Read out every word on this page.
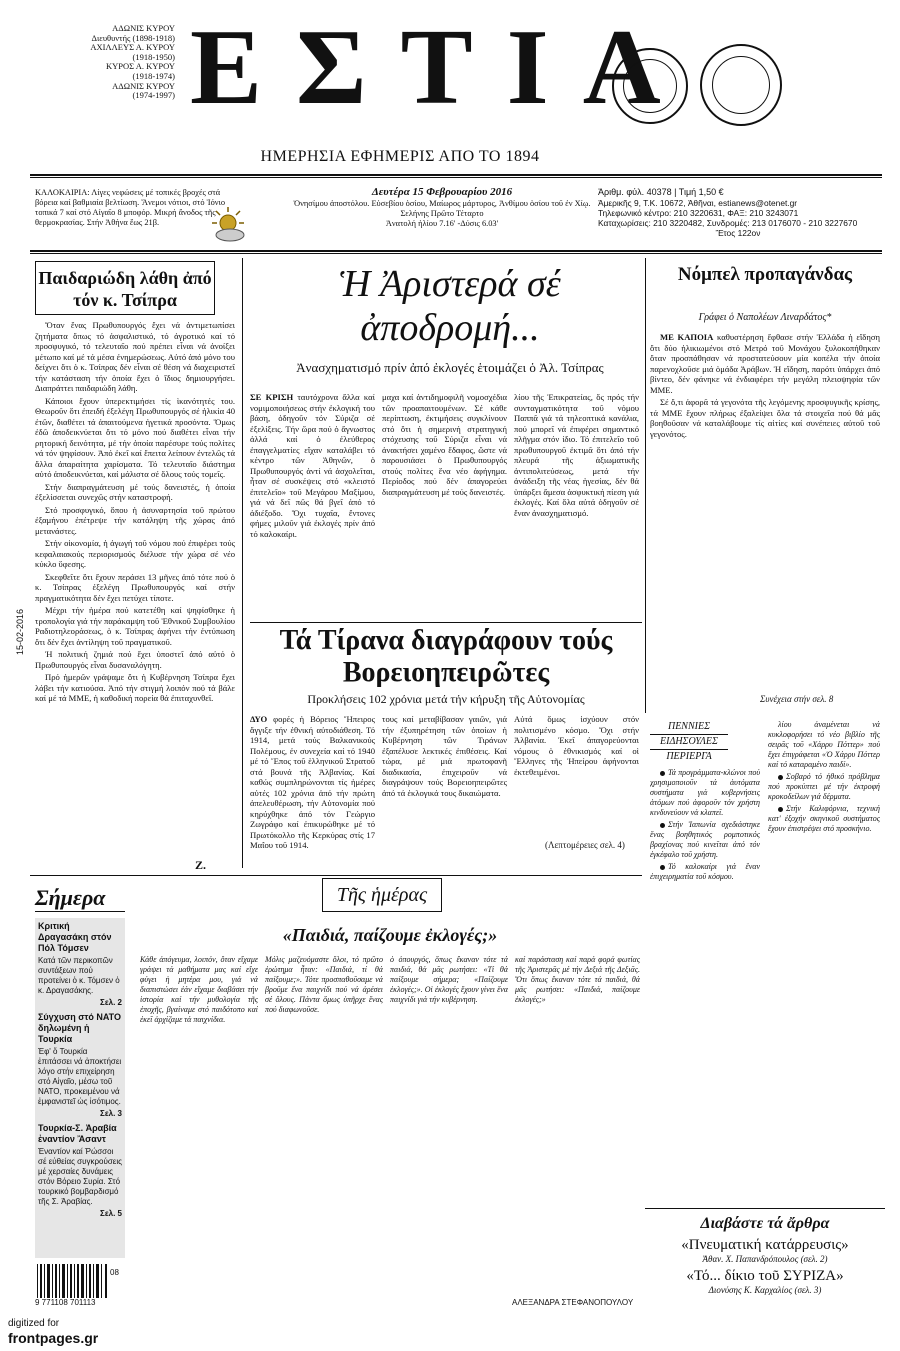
ΑΔΩΝΙΣ ΚΥΡΟΥ
Διευθυντής (1898-1918)
ΑΧΙΛΛΕΥΣ Α. ΚΥΡΟΥ
(1918-1950)
ΚΥΡΟΣ Α. ΚΥΡΟΥ
(1918-1974)
ΑΔΩΝΙΣ ΚΥΡΟΥ
(1974-1997) ΕΣΤΙΑ
ΗΜΕΡΗΣΙΑ ΕΦΗΜΕΡΙΣ ΑΠΟ ΤΟ 1894
ΚΑΛΟΚΑΙΡΙΑ: Λίγες νεφώσεις μέ τοπικές βροχές στά βόρεια καί βαθμιαία βελτίωση. Ἄνεμοι νότιοι, στό Ἰόνιο τοπικά 7 καί στό Αἰγαῖο 8 μποφόρ. Μικρή ἄνοδος τῆς θερμοκρασίας. Στήν Ἀθήνα ἕως 21β.
Δευτέρα 15 Φεβρουαρίου 2016
Ὀνησίμου ἀποστόλου. Εὐσεβίου ὁσίου, Μαίωρος μάρτυρος, Ἀνθίμου ὁσίου τοῦ ἐν Χίῳ.
Σελήνης Πρῶτο Τέταρτο
Ἀνατολή ἡλίου 7.16' -Δύσις 6.03'
Ἀριθμ. φύλ. 40378 | Τιμή 1,50 €
Ἀμερικῆς 9, Τ.Κ. 10672, Ἀθῆναι, estianews@otenet.gr
Τηλεφωνικό κέντρο: 210 3220631, ΦΑΞ: 210 3243071
Καταχωρίσεις: 210 3220482, Συνδρομές: 213 0176070 - 210 3227670
Ἔτος 122ον
Παιδαριώδη λάθη ἀπό τόν κ. Τσίπρα

Ὅταν ἕνας Πρωθυπουργός ἔχει νά ἀντιμετωπίσει ζητήματα ὅπως τό ἀσφαλιστικό, τό ἀγροτικό καί τό προσφυγικό, τό τελευταῖο πού πρέπει εἶναι νά ἀνοίξει μέτωπο καί μέ τά μέσα ἐνημερώσεως. Αὐτό ἀπό μόνο του δείχνει ὅτι ὁ κ. Τσίπρας δέν εἶναι σέ θέση νά διαχειριστεῖ τήν κατάσταση τήν ὁποία ἔχει ὁ ἴδιος δημιουργήσει. Διαπράττει παιδαριώδη λάθη.

Κάποιοι ἔχουν ὑπερεκτιμήσει τίς ἱκανότητές του. Θεωροῦν ὅτι ἐπειδή ἐξελέγη Πρωθυπουργός σέ ἡλικία 40 ἐτῶν, διαθέτει τά ἀπαιτούμενα ἡγετικά προσόντα. Ὅμως ἐδῶ ἀποδεικνύεται ὅτι τό μόνο πού διαθέτει εἶναι τήν ρητορική δεινότητα, μέ τήν ὁποία παρέσυρε τούς πολίτες νά τόν ψηφίσουν. Ἀπό ἐκεῖ καί ἔπειτα λείπουν ἐντελῶς τά ἄλλα ἀπαραίτητα χαρίσματα. Τό τελευταῖο διάστημα αὐτό ἀποδεικνύεται, καί μάλιστα σέ ὅλους τούς τομεῖς.

Στήν διαπραγμάτευση μέ τούς δανειστές, ἡ ὁποία ἐξελίσσεται συνεχῶς στήν καταστροφή.

Στό προσφυγικό, ὅπου ἡ ἀσυναρτησία τοῦ πρώτου ἐξαμήνου ἐπέτρεψε τήν κατάληψη τῆς χώρας ἀπό μετανάστες.

Στήν οἰκονομία, ἡ ἀγωγή τοῦ νόμου πού ἐπιφέρει τούς κεφαλαιακούς περιορισμούς διέλυσε τήν χώρα σέ νέο κύκλο ὕφεσης.

Σκεφθεῖτε ὅτι ἔχουν περάσει 13 μῆνες ἀπό τότε πού ὁ κ. Τσίπρας ἐξελέγη Πρωθυπουργός καί στήν πραγματικότητα δέν ἔχει πετύχει τίποτε.

Μέχρι τήν ἡμέρα πού κατετέθη καί ψηφίσθηκε ἡ τροπολογία γιά τήν παράκαμψη τοῦ Ἐθνικοῦ Συμβουλίου Ραδιοτηλεοράσεως, ὁ κ. Τσίπρας ἀφήνει τήν ἐντύπωση ὅτι δέν ἔχει ἀντίληψη τοῦ πραγματικοῦ.

Ἡ πολιτική ζημιά πού ἔχει ὑποστεῖ ἀπό αὐτό ὁ Πρωθυπουργός εἶναι δυσαναλόγητη.

Πρό ἡμερῶν γράψαμε ὅτι ἡ Κυβέρνηση Τσίπρα ἔχει λάβει τήν κατιούσα. Ἀπό τήν στιγμή λοιπόν πού τά βάλε καί μέ τά ΜΜΕ, ἡ καθοδική πορεία θά ἐπιταχυνθεῖ.

Z.
Ἡ Ἀριστερά σέ ἀποδρομή...
Ἀνασχηματισμό πρίν ἀπό ἐκλογές ἑτοιμάζει ὁ Ἀλ. Τσίπρας
ΣΕ ΚΡΙΣΗ ταυτόχρονα ἄλλα καί νομιμοποιήσεως στήν ἐκλογική του βάση, ὁδηγοῦν τόν Σύριζα σέ ἐξελίξεις. Τήν ὥρα πού ὁ ἄγνωστος ἀλλά καί ὁ ἐλεύθερος ἐπαγγελματίες εἴχαν καταλάβει τό κέντρο τῶν Ἀθηνῶν, ὁ Πρωθυπουργός ἀντί νά ἀσχολεῖται, ἦταν σέ συσκέψεις στό «κλειστό ἐπιτελεῖο» τοῦ Μεγάρου Μαξίμου, γιά νά δεῖ πῶς θά βγεῖ ἀπό τό ἀδιέξοδο. Ὅχι τυχαῖα, ἔντονες φήμες μιλοῦν γιά ἐκλογές πρίν ἀπό τό καλοκαίρι.
μαχα καί ἀντιδημοφιλῆ νομοσχέδια τῶν προαπαιτουμένων. Σέ κάθε περίπτωση, ἐκτιμήσεις συγκλίνουν στό ὅτι ἡ σημερινή στρατηγική στόχευσης τοῦ Σύριζα εἶναι νά ἀνακτήσει χαμένο ἔδαφος, ὥστε νά παρουσιάσει ὁ Πρωθυπουργός στούς πολίτες ἕνα νέο ἀφήγημα. Περίοδος πού δέν ἀπαγορεύει διαπραγμάτευση μέ τούς δανειστές.
λίου τῆς Ἐπικρατείας, ὅς πρός τήν συνταγματικότητα τοῦ νόμου Παππᾶ γιά τά τηλεοπτικά κανάλια, πού μπορεῖ νά ἐπιφέρει σημαντικό πλῆγμα στόν ίδιο. Τό ἐπιτελεῖο τοῦ πρωθυπουργοῦ ἐκτιμᾶ ὅτι ἀπό τήν πλευρά τῆς ἀξιωματικῆς ἀντιπολιτεύσεως, μετά τήν ἀνάδειξη τῆς νέας ἡγεσίας, δέν θά ὑπάρξει ἄμεσα ἀσφυκτική πίεση γιά ἐκλογές. Καί ὅλα αὐτά ὁδηγοῦν σέ ἕναν ἀνασχηματισμό.
Νόμπελ προπαγάνδας
Γράφει ὁ Ναπολέων Λιναρδάτος*

ΜΕ ΚΑΠΟΙΑ καθυστέρηση ἔφθασε στήν Ἑλλάδα ἡ εἴδηση ὅτι δύο ἠλικιωμένοι στό Μετρό τοῦ Μονάχου ξυλοκοπήθηκαν ὅταν προσπάθησαν νά προστατεύσουν μία κοπέλα τήν ὁποία παρενοχλοῦσε μιά ὁμάδα Ἀράβων. Ἡ εἴδηση, παρότι ὑπάρχει ἀπό βίντεο, δέν φάνηκε νά ἐνδιαφέρει τήν μεγάλη πλειοψηφία τῶν ΜΜΕ.

Σέ ὅ,τι ἀφορᾶ τά γεγονότα τῆς λεγόμενης προσφυγικῆς κρίσης, τά ΜΜΕ ἔχουν πλήρως ἐξαλείψει ὅλα τά στοιχεῖα πού θά μᾶς βοηθοῦσαν νά καταλάβουμε τίς αἰτίες καί συνέπειες αὐτοῦ τοῦ γεγονότος.

Συνέχεια στήν σελ. 8
Τά Τίρανα διαγράφουν τούς Βορειοηπειρῶτες
Προκλήσεις 102 χρόνια μετά τήν κήρυξη τῆς Αὐτονομίας
ΔΥΟ φορές ἡ Βόρειος Ἤπειρος ἄγγιξε τήν ἐθνική αὐτοδιάθεση. Τό 1914, μετά τούς Βαλκανικούς Πολέμους, ἐν συνεχεία καί τό 1940 μέ τό Ἔπος τοῦ ἑλληνικοῦ Στρατοῦ στά βουνά τῆς Ἀλβανίας. Καί καθώς συμπληρώνονται τίς ἡμέρες αὐτές 102 χρόνια ἀπό τήν πρώτη ἀπελευθέρωση, τήν Αὐτονομία πού κηρύχθηκε ἀπό τόν Γεώργιο Ζωγράφο καί ἐπικυρώθηκε μέ τό Πρωτόκολλο τῆς Κερκύρας στίς 17 Μαΐου τοῦ 1914.
τους καί μεταβίβασαν γαιῶν, γιά τήν ἐξυπηρέτηση τῶν ὁποίων ἡ Κυβέρνηση τῶν Τιράνων ἐξαπέλυσε λεκτικές ἐπιθέσεις. Καί τώρα, μέ μιά πρωτοφανῆ διαδικασία, ἐπιχειροῦν νά διαγράψουν τούς Βορειοηπειρῶτες ἀπό τά ἐκλογικά τους δικαιώματα.
Αὐτά ὅμως ἰσχύουν στόν πολιτισμένο κόσμο. Ὅχι στήν Ἀλβανία. Ἐκεῖ ἀπαγορεύονται νόμους ὁ ἐθνικισμός καί οἱ Ἕλληνες τῆς Ἠπείρου ἀφήνονται ἐκτεθειμένοι.
(Λεπτομέρειες σελ. 4)
ΠΕΝΝΙΕΣ
ΕΙΔΗΣΟΥΛΕΣ
ΠΕΡΙΕΡΓΑ

Τά προγράμματα-κλώνοι πού χρησιμοποιοῦν τά ἀυτόματα συστήματα γιά κυβερνήσεις ἀτόμων πού ἀφοροῦν τόν χρήστη κινδυνεύουν νά κλαπεῖ.

Στήν Ἰαπωνία σχεδιάστηκε ἕνας βοηθητικός ρομποτικός βραχίονας πού κινεῖται ἀπό τόν ἐγκέφαλο τοῦ χρήστη.

Τό καλοκαίρι γιά ἕναν ἐπιχειρηματία τοῦ κόσμου.

λίου ἀναμένεται νά κυκλοφορήσει τό νέο βιβλίο τῆς σειρᾶς τοῦ «Χάρρυ Πόττερ» πού ἔχει ἐπιγράφεται «Ὁ Χάρρυ Πόττερ καί τό καταραμένο παιδί».

Σοβαρό τό ἠθικό πρόβλημα πού προκύπτει μέ τήν ἐκτροφή κροκοδείλων γιά δέρματα.

Στήν Καλιφόρνια, τεχνική κατ' ἐξοχήν σκηνικοῦ συστήματος ἔχουν ἐπιστρέψει στό προσκήνιο.

Διαβάστε τά ἄρθρα
«Πνευματική κατάρρευσις»
Ἀθαν. Χ. Παπανδρόπουλος (σελ. 2)
«Τό... δίκιο τοῦ ΣΥΡΙΖΑ»
Διονύσης Κ. Καρχαλίος (σελ. 3)
Σήμερα
Κριτική Δραγασάκη στόν Πόλ Τόμσεν
Κατά τῶν περικοπῶν συντάξεων πού προτείνει ὁ κ. Τόμσεν ὁ κ. Δραγασάκης.
Σελ. 2
Σύγχυση στό ΝΑΤΟ δηλωμένη ἡ Τουρκία
Ἐφ' ὅ Τουρκία ἐπιτάσσει νά ἀποκτήσει λόγο στήν επιχείρηση στό Αἰγαῖο, μέσω τοῦ ΝΑΤΟ, προκειμένου νά ἐμφανιστεῖ ὡς ἰσότιμος.
Σελ. 3
Τουρκία-Σ. Ἀραβία ἐναντίον Ἄσαντ
Ἐναντίον καί Ῥώσσοι σέ εὐθείας συγκρούσεις μέ χερσαίες δυνάμεις στόν Βόρειο Συρία. Στό τουρκικό βομβαρδισμό τῆς Σ. Ἀραβίας.
Σελ. 5
9 771108 701113
08
Τῆς ἡμέρας
«Παιδιά, παίζουμε ἐκλογές;»
Κάθε ἀπόγευμα, λοιπόν, ὅταν εἴχαμε γράψει τά μαθήματα μας καί εἴχε φύγει ἡ μητέρα μου, γιά νά διαπιστώσει ἐάν εἴχαμε διαβάσει τήν ἱστορία καί τήν μυθολογία τῆς ἐποχῆς, βγαίναμε στό παιδότοπο καί ἐκεῖ ἀρχίζαμε τά παιχνίδια.
Μόλις μαζευόμαστε ὅλοι, τό πρῶτο ἐρώτημα ἦταν: «Παιδιά, τί θά παίξουμε;». Τότε προσπαθοῦσαμε νά βροῦμε ἕνα παιχνίδι πού νά ἀρέσει σέ ὅλους. Πάντα ὅμως ὑπῆρχε ἕνας πού διαφωνοῦσε.
ὁ ὀπουργός, ὅπως ἔκαναν τότε τά παιδιά, θά μᾶς ρωτήσει: «Τί θά παίξουμε σήμερα; «Παίζουμε ἐκλογές;». Οἱ ἐκλογές ἔχουν γίνει ἕνα παιχνίδι γιά τήν κυβέρνηση.
καί παράσταση καί παρά φορά φωτίας τῆς Ἀριστερᾶς μέ τήν Δεξιά τῆς Δεξιᾶς. Ὅτι ὅπως ἔκαναν τότε τά παιδιά, θά μᾶς ρωτήσει: «Παιδιά, παίζουμε ἐκλογές;»
ΑΛΕΞΑΝΔΡΑ ΣΤΕΦΑΝΟΠΟΥΛΟΥ
15-02-2016
digitized for
frontpages.gr
